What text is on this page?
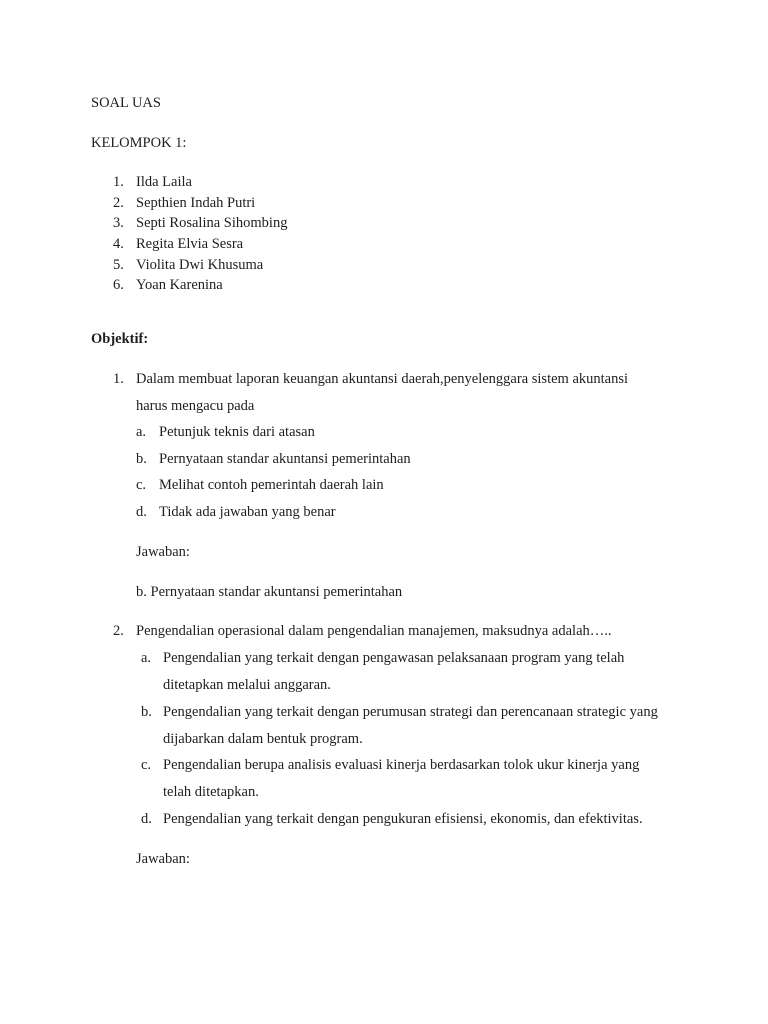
SOAL UAS

KELOMPOK 1:

1. Ilda Laila
2. Septhien Indah Putri
3. Septi Rosalina Sihombing
4. Regita Elvia Sesra
5. Violita Dwi Khusuma
6. Yoan Karenina

Objektif:

1. Dalam membuat laporan keuangan akuntansi daerah,penyelenggara sistem akuntansi
harus mengacu pada
a. Petunjuk teknis dari atasan
b. Pernyataan standar akuntansi pemerintahan
c. Melihat contoh pemerintah daerah lain
d. Tidak ada jawaban yang benar
Jawaban:
b. Pernyataan standar akuntansi pemerintahan
2. Pengendalian operasional dalam pengendalian manajemen, maksudnya adalah…..
a. Pengendalian yang terkait dengan pengawasan pelaksanaan program yang telah
ditetapkan melalui anggaran.
b. Pengendalian yang terkait dengan perumusan strategi dan perencanaan strategic yang
dijabarkan dalam bentuk program.
c. Pengendalian berupa analisis evaluasi kinerja berdasarkan tolok ukur kinerja yang
telah ditetapkan.
d. Pengendalian yang terkait dengan pengukuran efisiensi, ekonomis, dan efektivitas.
Jawaban:
